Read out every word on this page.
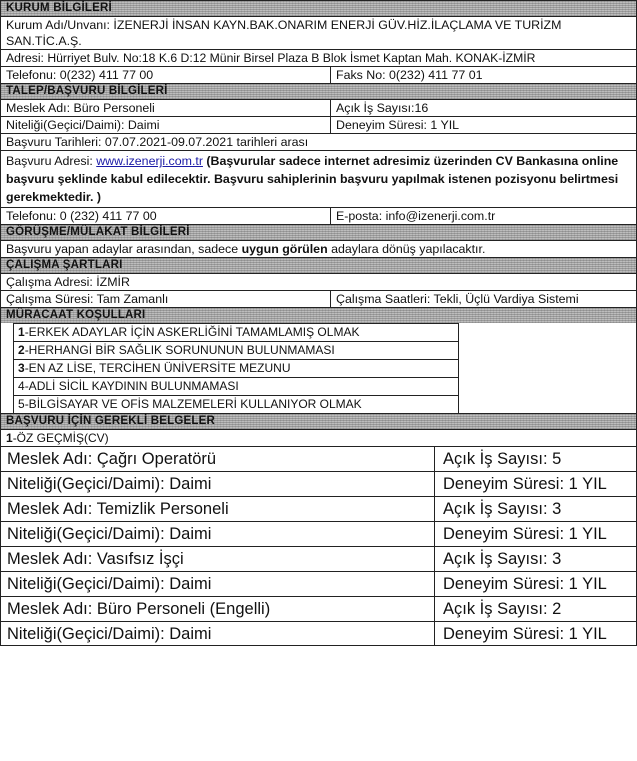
KURUM BİLGİLERİ
Kurum Adı/Unvanı: İZENERJİ İNSAN KAYN.BAK.ONARIM ENERJİ GÜV.HİZ.İLAÇLAMA VE TURİZM
SAN.TİC.A.Ş.
Adresi: Hürriyet Bulv. No:18 K.6 D:12 Münir Birsel Plaza B Blok İsmet Kaptan Mah. KONAK-İZMİR
Telefonu: 0(232) 411 77 00	Faks No: 0(232) 411 77 01
TALEP/BAŞVURU BİLGİLERİ
Meslek Adı: Büro Personeli	Açık İş Sayısı:16
Niteliği(Geçici/Daimi): Daimi	Deneyim Süresi: 1 YIL
Başvuru Tarihleri: 07.07.2021-09.07.2021 tarihleri arası
Başvuru Adresi: www.izenerji.com.tr (Başvurular sadece internet adresimiz üzerinden CV Bankasına online başvuru şeklinde kabul edilecektir. Başvuru sahiplerinin başvuru yapılmak istenen pozisyonu belirtmesi gerekmektedir. )
Telefonu: 0 (232) 411 77 00	E-posta: info@izenerji.com.tr
GÖRÜŞME/MÜLAKAT BİLGİLERİ
Başvuru yapan adaylar arasından, sadece uygun görülen adaylara dönüş yapılacaktır.
ÇALIŞMA ŞARTLARI
Çalışma Adresi: İZMİR
Çalışma Süresi: Tam Zamanlı	Çalışma Saatleri: Tekli, Üçlü Vardiya Sistemi
MÜRACAAT KOŞULLARI
1-ERKEK ADAYLAR İÇİN ASKERLİĞİNİ TAMAMLAMIŞ OLMAK
2-HERHANGİ BİR SAĞLIK SORUNUNUN BULUNMAMASI
3-EN AZ LİSE, TERCİHEN ÜNİVERSİTE MEZUNU
4-ADLİ SİCİL KAYDININ BULUNMAMASI
5-BİLGİSAYAR VE OFİS MALZEMELERİ KULLANIYOR OLMAK
BAŞVURU İÇİN GEREKLİ BELGELER
1-ÖZ GEÇMİŞ(CV)
Meslek Adı: Çağrı Operatörü	Açık İş Sayısı: 5
Niteliği(Geçici/Daimi): Daimi	Deneyim Süresi: 1 YIL
Meslek Adı: Temizlik Personeli	Açık İş Sayısı: 3
Niteliği(Geçici/Daimi): Daimi	Deneyim Süresi: 1 YIL
Meslek Adı: Vasıfsız İşçi	Açık İş Sayısı: 3
Niteliği(Geçici/Daimi): Daimi	Deneyim Süresi: 1 YIL
Meslek Adı: Büro Personeli (Engelli)	Açık İş Sayısı: 2
Niteliği(Geçici/Daimi): Daimi	Deneyim Süresi: 1 YIL
